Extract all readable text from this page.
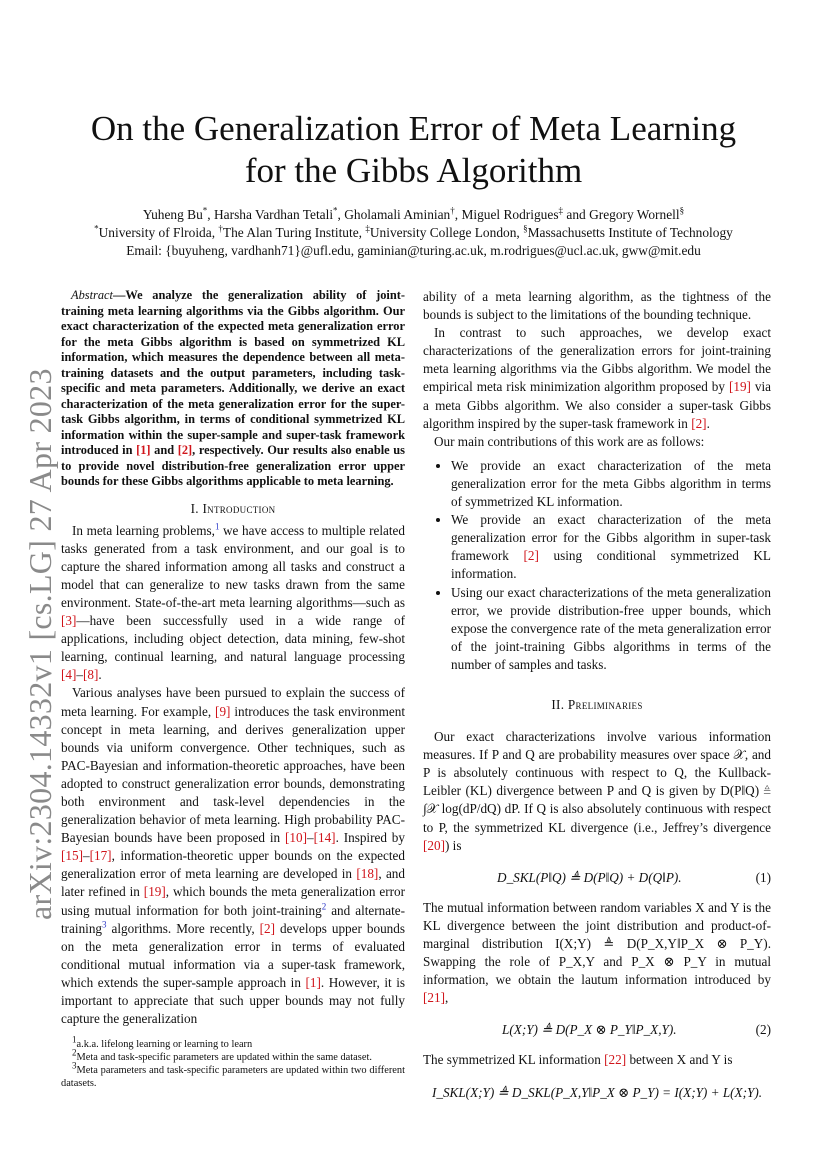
arXiv:2304.14332v1 [cs.LG] 27 Apr 2023
On the Generalization Error of Meta Learning
for the Gibbs Algorithm
Yuheng Bu*, Harsha Vardhan Tetali*, Gholamali Aminian†, Miguel Rodrigues‡ and Gregory Wornell§
*University of Flroida, †The Alan Turing Institute, ‡University College London, §Massachusetts Institute of Technology
Email: {buyuheng, vardhanh71}@ufl.edu, gaminian@turing.ac.uk, m.rodrigues@ucl.ac.uk, gww@mit.edu

Abstract—We analyze the generalization ability of joint-training meta learning algorithms via the Gibbs algorithm. Our exact characterization of the expected meta generalization error for the meta Gibbs algorithm is based on symmetrized KL information, which measures the dependence between all meta-training datasets and the output parameters, including task-specific and meta parameters. Additionally, we derive an exact characterization of the meta generalization error for the super-task Gibbs algorithm, in terms of conditional symmetrized KL information within the super-sample and super-task framework introduced in [1] and [2], respectively. Our results also enable us to provide novel distribution-free generalization error upper bounds for these Gibbs algorithms applicable to meta learning.

I. Introduction

In meta learning problems,$^1$ we have access to multiple related tasks generated from a task environment, and our goal is to capture the shared information among all tasks and construct a model that can generalize to new tasks drawn from the same environment. State-of-the-art meta learning algorithms—such as [3]—have been successfully used in a wide range of applications, including object detection, data mining, few-shot learning, continual learning, and natural language processing [4]–[8].

Various analyses have been pursued to explain the success of meta learning. For example, [9] introduces the task environment concept in meta learning, and derives generalization upper bounds via uniform convergence. Other techniques, such as PAC-Bayesian and information-theoretic approaches, have been adopted to construct generalization error bounds, demonstrating both environment and task-level dependencies in the generalization behavior of meta learning. High probability PAC-Bayesian bounds have been proposed in [10]–[14]. Inspired by [15]–[17], information-theoretic upper bounds on the expected generalization error of meta learning are developed in [18], and later refined in [19], which bounds the meta generalization error using mutual information for both joint-training$^2$ and alternate-training$^3$ algorithms. More recently, [2] develops upper bounds on the meta generalization error in terms of evaluated conditional mutual information via a super-task framework, which extends the super-sample approach in [1]. However, it is important to appreciate that such upper bounds may not fully capture the generalization

$^1$a.k.a. lifelong learning or learning to learn

$^2$Meta and task-specific parameters are updated within the same dataset.

$^3$Meta parameters and task-specific parameters are updated within two different datasets.

ability of a meta learning algorithm, as the tightness of the bounds is subject to the limitations of the bounding technique.

In contrast to such approaches, we develop exact characterizations of the generalization errors for joint-training meta learning algorithms via the Gibbs algorithm. We model the empirical meta risk minimization algorithm proposed by [19] via a meta Gibbs algorithm. We also consider a super-task Gibbs algorithm inspired by the super-task framework in [2].

Our main contributions of this work are as follows:

• We provide an exact characterization of the meta generalization error for the meta Gibbs algorithm in terms of symmetrized KL information.
• We provide an exact characterization of the meta generalization error for the Gibbs algorithm in super-task framework [2] using conditional symmetrized KL information.
• Using our exact characterizations of the meta generalization error, we provide distribution-free upper bounds, which expose the convergence rate of the meta generalization error of the joint-training Gibbs algorithms in terms of the number of samples and tasks.
II. Preliminaries

Our exact characterizations involve various information measures. If P and Q are probability measures over space 𝒳, and P is absolutely continuous with respect to Q, the Kullback-Leibler (KL) divergence between P and Q is given by D(P‖Q) ≜ ∫𝒳 log(dP/dQ) dP. If Q is also absolutely continuous with respect to P, the symmetrized KL divergence (i.e., Jeffrey’s divergence [20]) is

D_SKL(P‖Q) ≜ D(P‖Q) + D(Q‖P).	(1)

The mutual information between random variables X and Y is the KL divergence between the joint distribution and product-of-marginal distribution I(X;Y) ≜ D(P_X,Y‖P_X ⊗ P_Y). Swapping the role of P_X,Y and P_X ⊗ P_Y in mutual information, we obtain the lautum information introduced by [21],

L(X;Y) ≜ D(P_X ⊗ P_Y‖P_X,Y).	(2)

The symmetrized KL information [22] between X and Y is

I_SKL(X;Y) ≜ D_SKL(P_X,Y‖P_X ⊗ P_Y) = I(X;Y) + L(X;Y).
